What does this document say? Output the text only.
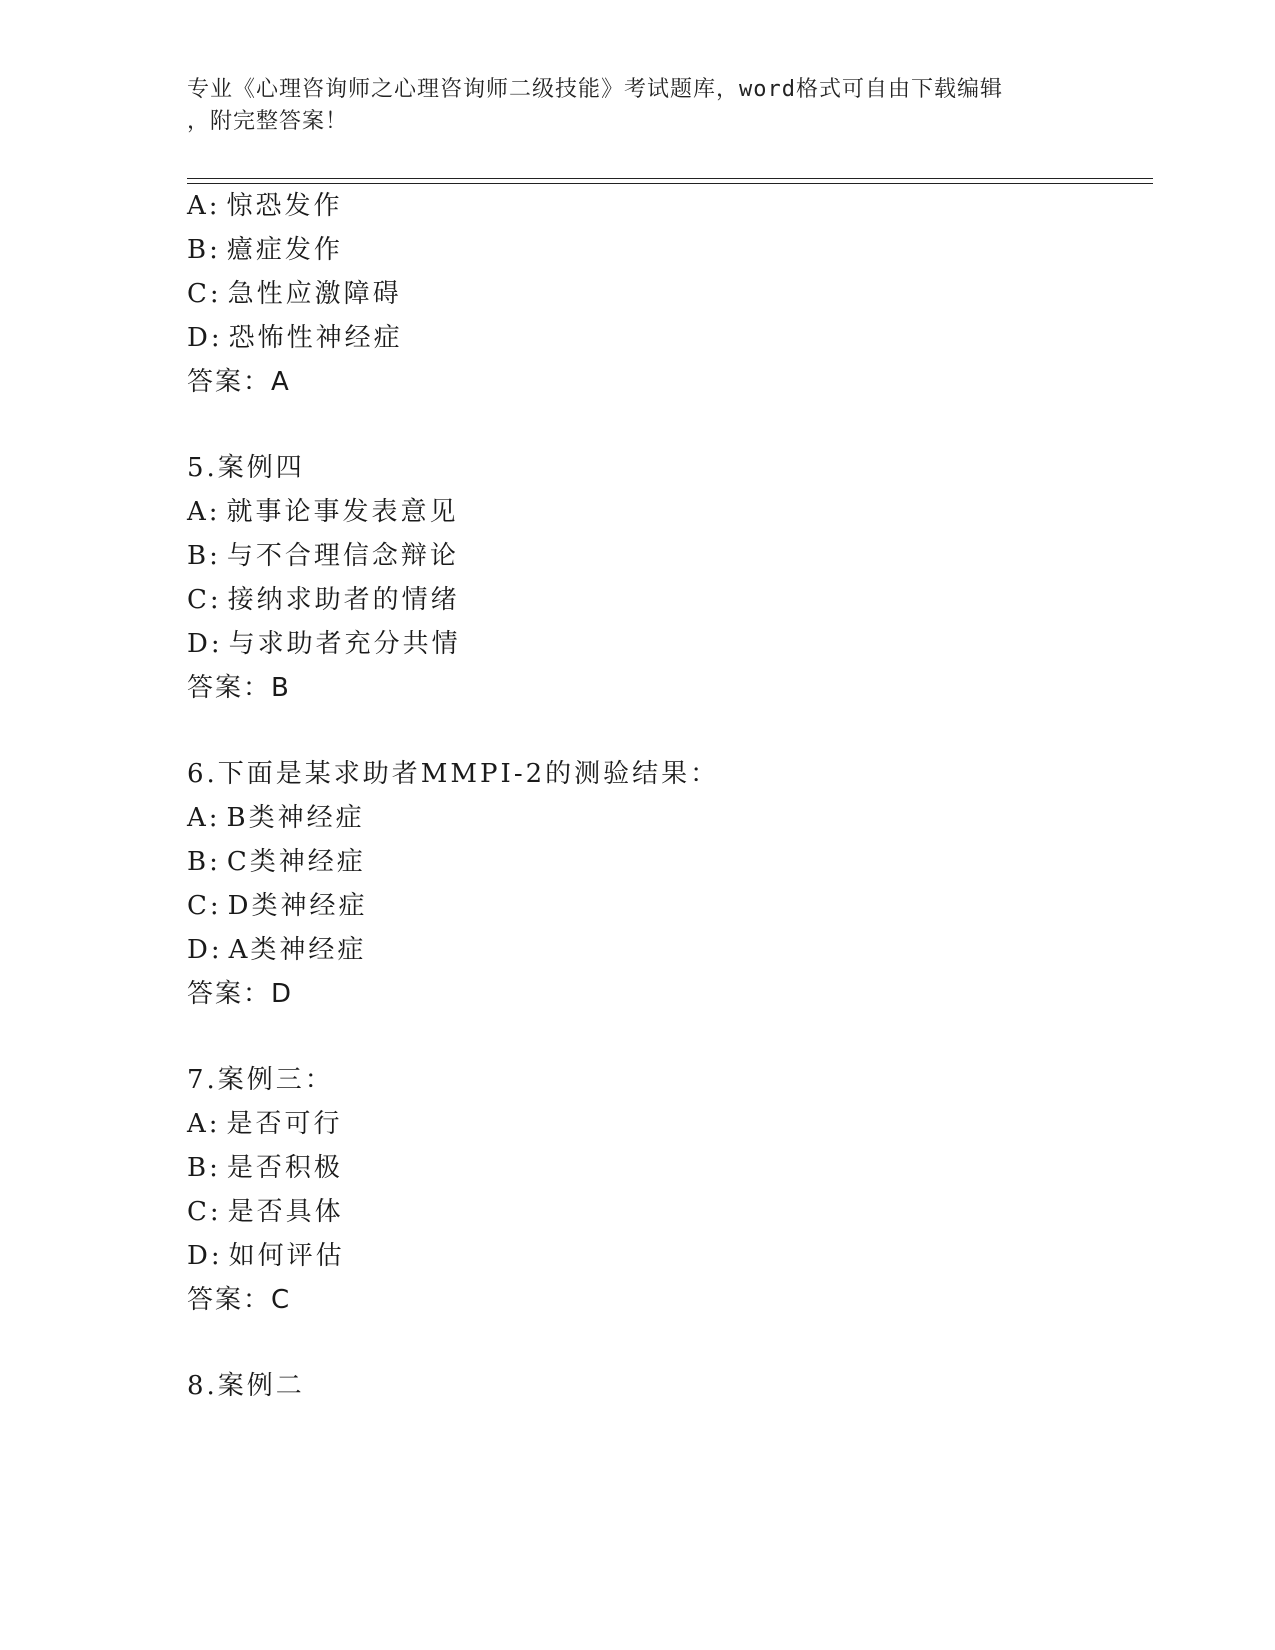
专业《心理咨询师之心理咨询师二级技能》考试题库，word格式可自由下载编辑
，附完整答案！
A: 惊恐发作
B: 癔症发作
C: 急性应激障碍
D: 恐怖性神经症
答案：A
5.案例四
A: 就事论事发表意见
B: 与不合理信念辩论
C: 接纳求助者的情绪
D: 与求助者充分共情
答案：B
6.下面是某求助者MMPI-2的测验结果：
A: B类神经症
B: C类神经症
C: D类神经症
D: A类神经症
答案：D
7.案例三：
A: 是否可行
B: 是否积极
C: 是否具体
D: 如何评估
答案：C
8.案例二
